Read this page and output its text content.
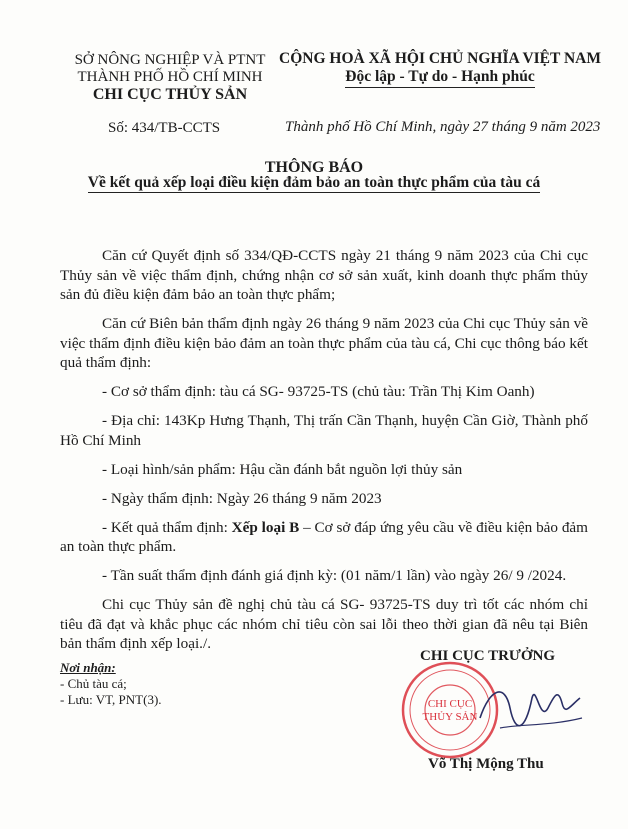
SỞ NÔNG NGHIỆP VÀ PTNT
THÀNH PHỐ HỒ CHÍ MINH
CHI CỤC THỦY SẢN
CỘNG HOÀ XÃ HỘI CHỦ NGHĨA VIỆT NAM
Độc lập - Tự do - Hạnh phúc
Số: 434/TB-CCTS	Thành phố Hồ Chí Minh, ngày 27 tháng 9 năm 2023
THÔNG BÁO
Về kết quả xếp loại điều kiện đảm bảo an toàn thực phẩm của tàu cá

Căn cứ Quyết định số 334/QĐ-CCTS ngày 21 tháng 9 năm 2023 của Chi cục Thủy sản về việc thẩm định, chứng nhận cơ sở sản xuất, kinh doanh thực phẩm thủy sản đủ điều kiện đảm bảo an toàn thực phẩm;

Căn cứ Biên bản thẩm định ngày 26 tháng 9 năm 2023 của Chi cục Thủy sản về việc thẩm định điều kiện bảo đảm an toàn thực phẩm của tàu cá, Chi cục thông báo kết quả thẩm định:

- Cơ sở thẩm định: tàu cá SG- 93725-TS (chủ tàu: Trần Thị Kim Oanh)

- Địa chỉ: 143Kp Hưng Thạnh, Thị trấn Cần Thạnh, huyện Cần Giờ, Thành phố Hồ Chí Minh

- Loại hình/sản phẩm: Hậu cần đánh bắt nguồn lợi thủy sản

- Ngày thẩm định: Ngày 26 tháng 9 năm 2023

- Kết quả thẩm định: Xếp loại B – Cơ sở đáp ứng yêu cầu về điều kiện bảo đảm an toàn thực phẩm.

- Tần suất thẩm định đánh giá định kỳ: (01 năm/1 lần) vào ngày 26/ 9 /2024.

Chi cục Thủy sản đề nghị chủ tàu cá SG- 93725-TS duy trì tốt các nhóm chỉ tiêu đã đạt và khắc phục các nhóm chỉ tiêu còn sai lỗi theo thời gian đã nêu tại Biên bản thẩm định xếp loại./.

Nơi nhận:
- Chủ tàu cá;
- Lưu: VT, PNT(3).
CHI CỤC TRƯỞNG
CHI CỤC
THỦY SẢN
Võ Thị Mộng Thu
